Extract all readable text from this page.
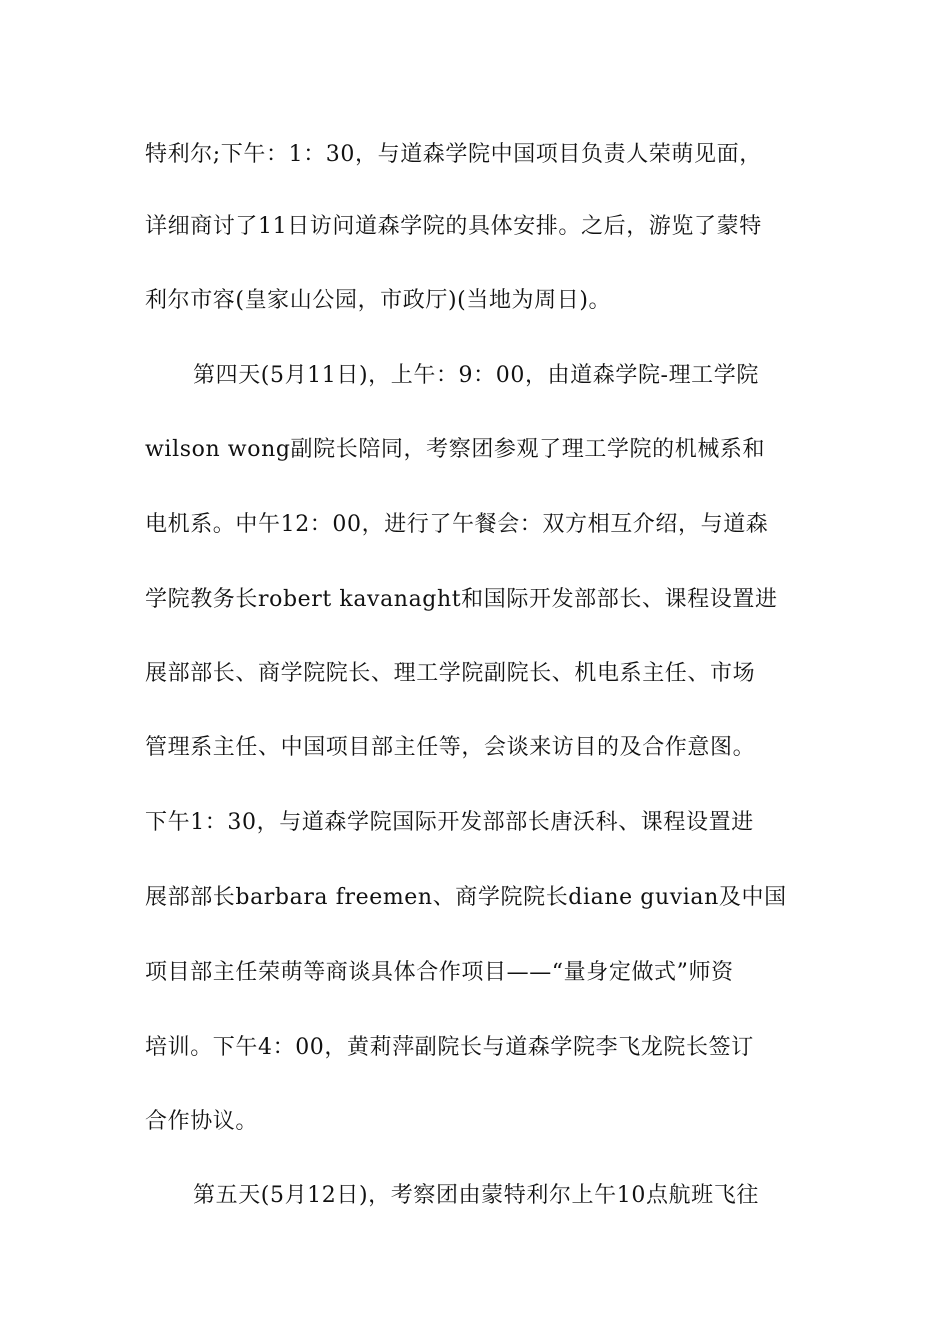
特利尔;下午：1：30，与道森学院中国项目负责人荣萌见面，
详细商讨了11日访问道森学院的具体安排。之后，游览了蒙特
利尔市容(皇家山公园，市政厅)(当地为周日)。
第四天(5月11日)，上午：9：00，由道森学院-理工学院
wilson wong副院长陪同，考察团参观了理工学院的机械系和
电机系。中午12：00，进行了午餐会：双方相互介绍，与道森
学院教务长robert kavanaght和国际开发部部长、课程设置进
展部部长、商学院院长、理工学院副院长、机电系主任、市场
管理系主任、中国项目部主任等，会谈来访目的及合作意图。
下午1：30，与道森学院国际开发部部长唐沃科、课程设置进
展部部长barbara freemen、商学院院长diane guvian及中国
项目部主任荣萌等商谈具体合作项目——“量身定做式”师资
培训。下午4：00，黄莉萍副院长与道森学院李飞龙院长签订
合作协议。
第五天(5月12日)，考察团由蒙特利尔上午10点航班飞往
